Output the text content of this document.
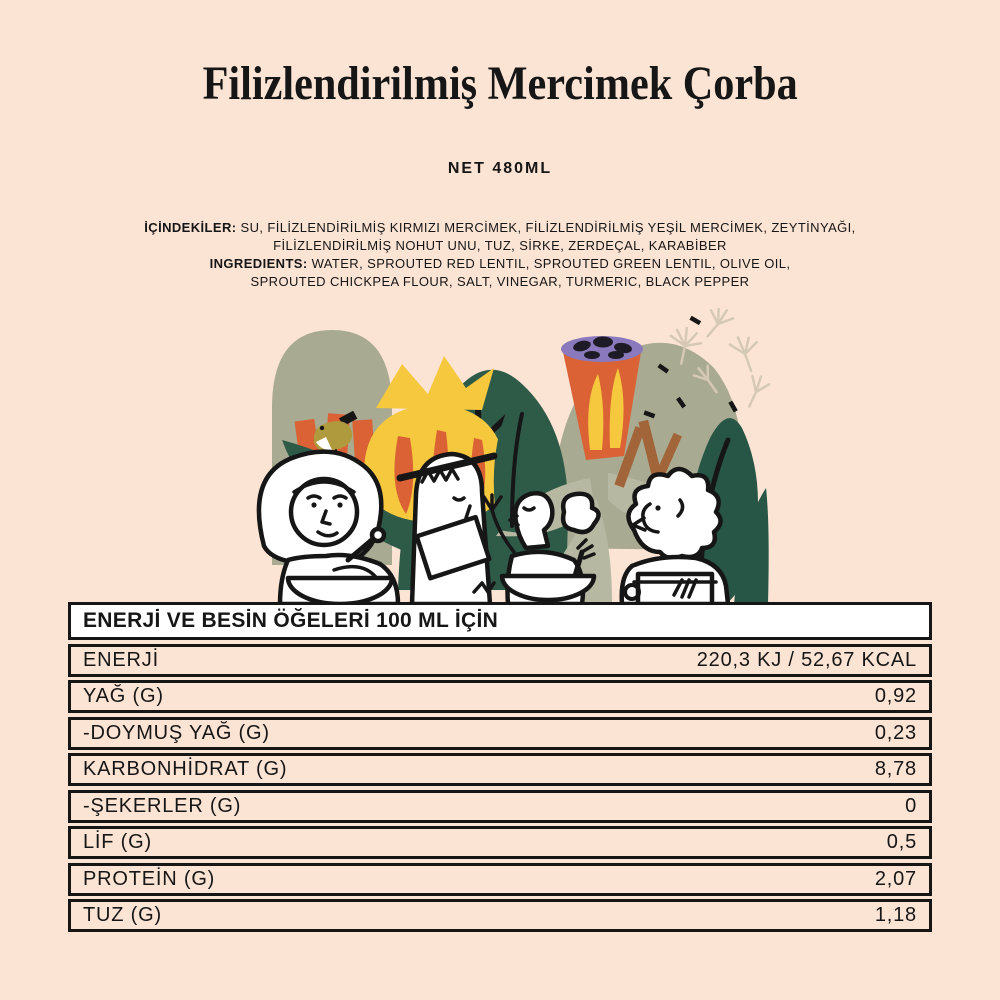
Filizlendirilmiş Mercimek Çorba
NET 480ML
İÇİNDEKİLER: SU, FİLİZLENDİRİLMİŞ KIRMIZI MERCİMEK, FİLİZLENDİRİLMİŞ YEŞİL MERCİMEK, ZEYTİNYAĞI,
FİLİZLENDİRİLMİŞ NOHUT UNU, TUZ, SİRKE, ZERDEÇAL, KARABİBER
INGREDIENTS: WATER, SPROUTED RED LENTIL, SPROUTED GREEN LENTIL, OLIVE OIL,
SPROUTED CHICKPEA FLOUR, SALT, VINEGAR, TURMERIC, BLACK PEPPER
ENERJİ VE BESİN ÖĞELERİ 100 ML İÇİN
ENERJİ	220,3 KJ / 52,67 KCAL
YAĞ (G)	0,92
-DOYMUŞ YAĞ (G)	0,23
KARBONHİDRAT (G)	8,78
-ŞEKERLER (G)	0
LİF (G)	0,5
PROTEİN (G)	2,07
TUZ (G)	1,18
